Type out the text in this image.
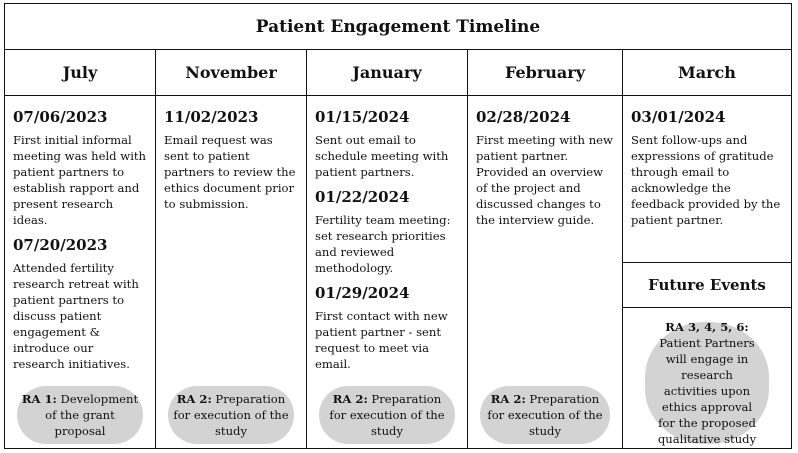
Patient Engagement Timeline
July
07/06/2023
First initial informal meeting was held with patient partners to establish rapport and present research ideas.
07/20/2023
Attended fertility research retreat with patient partners to discuss patient engagement & introduce our research initiatives.
RA 1: Development of the grant proposal
November
11/02/2023
Email request was sent to patient partners to review the ethics document prior to submission.
RA 2: Preparation for execution of the study
January
01/15/2024
Sent out email to schedule meeting with patient partners.
01/22/2024
Fertility team meeting: set research priorities and reviewed methodology.
01/29/2024
First contact with new patient partner - sent request to meet via email.
RA 2: Preparation for execution of the study
February
02/28/2024
First meeting with new patient partner. Provided an overview of the project and discussed changes to the interview guide.
RA 2: Preparation for execution of the study
March
03/01/2024
Sent follow-ups and expressions of gratitude through email to acknowledge the feedback provided by the patient partner.
Future Events
RA 3, 4, 5, 6: Patient Partners will engage in research activities upon ethics approval for the proposed qualitative study
